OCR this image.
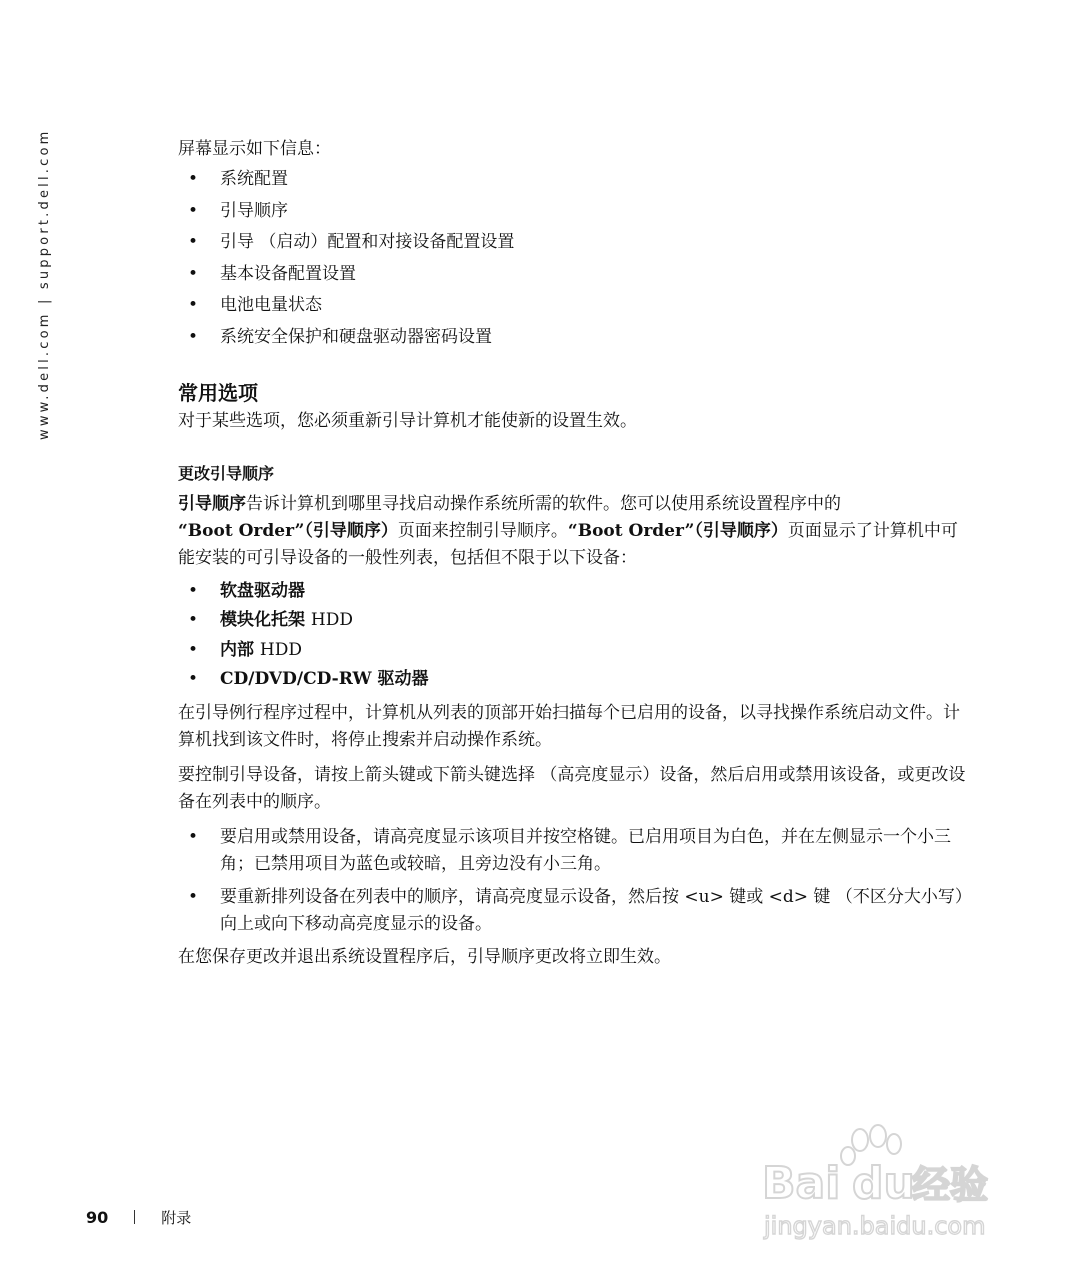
www.dell.com | support.dell.com	屏幕显示如下信息：

• 系统配置
• 引导顺序
• 引导 （启动）配置和对接设备配置设置
• 基本设备配置设置
• 电池电量状态
• 系统安全保护和硬盘驱动器密码设置
常用选项

对于某些选项，您必须重新引导计算机才能使新的设置生效。

更改引导顺序

引导顺序告诉计算机到哪里寻找启动操作系统所需的软件。您可以使用系统设置程序中的
“Boot Order”（引导顺序）页面来控制引导顺序。“Boot Order”（引导顺序）页面显示了计算机中可能安装的可引导设备的一般性列表，包括但不限于以下设备：

• 软盘驱动器
• 模块化托架 HDD
• 内部 HDD
• CD/DVD/CD-RW 驱动器

在引导例行程序过程中，计算机从列表的顶部开始扫描每个已启用的设备，以寻找操作系统启动文件。计算机找到该文件时，将停止搜索并启动操作系统。

要控制引导设备，请按上箭头键或下箭头键选择 （高亮度显示）设备，然后启用或禁用该设备，或更改设备在列表中的顺序。

• 要启用或禁用设备，请高亮度显示该项目并按空格键。已启用项目为白色，并在左侧显示一个小三角；已禁用项目为蓝色或较暗，且旁边没有小三角。
• 要重新排列设备在列表中的顺序，请高亮度显示设备，然后按 <u> 键或 <d> 键 （不区分大小写）向上或向下移动高亮度显示的设备。

在您保存更改并退出系统设置程序后，引导顺序更改将立即生效。

90	附录
Bai du
经验
jingyan.baidu.com
